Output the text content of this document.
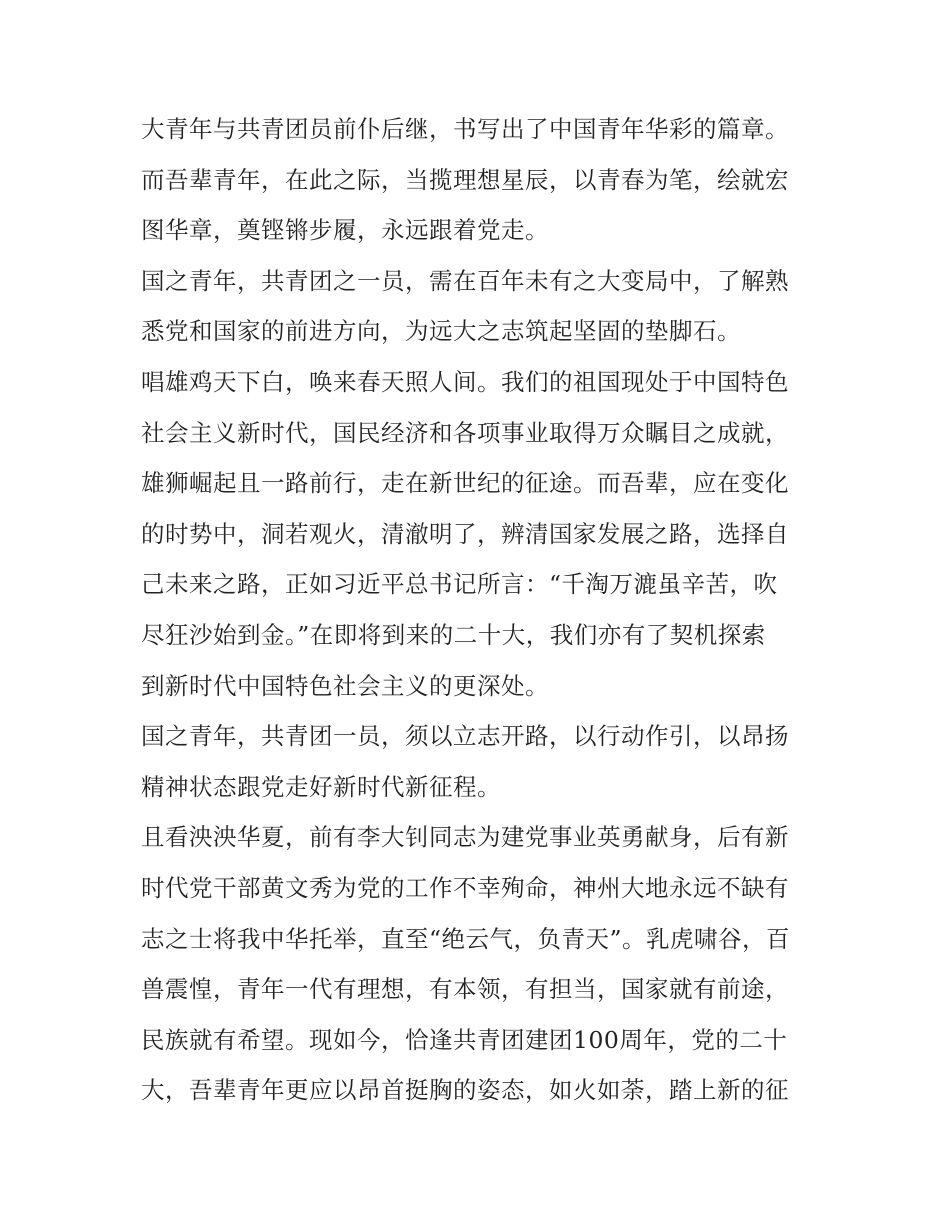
大青年与共青团员前仆后继，书写出了中国青年华彩的篇章。
而吾辈青年，在此之际，当揽理想星辰，以青春为笔，绘就宏
图华章，奠铿锵步履，永远跟着党走。
国之青年，共青团之一员，需在百年未有之大变局中，了解熟
悉党和国家的前进方向，为远大之志筑起坚固的垫脚石。
唱雄鸡天下白，唤来春天照人间。我们的祖国现处于中国特色
社会主义新时代，国民经济和各项事业取得万众瞩目之成就，
雄狮崛起且一路前行，走在新世纪的征途。而吾辈，应在变化
的时势中，洞若观火，清澈明了，辨清国家发展之路，选择自
己未来之路，正如习近平总书记所言：“千淘万漉虽辛苦，吹
尽狂沙始到金。”在即将到来的二十大，我们亦有了契机探索
到新时代中国特色社会主义的更深处。
国之青年，共青团一员，须以立志开路，以行动作引，以昂扬
精神状态跟党走好新时代新征程。
且看泱泱华夏，前有李大钊同志为建党事业英勇献身，后有新
时代党干部黄文秀为党的工作不幸殉命，神州大地永远不缺有
志之士将我中华托举，直至“绝云气，负青天”。乳虎啸谷，百
兽震惶，青年一代有理想，有本领，有担当，国家就有前途，
民族就有希望。现如今，恰逢共青团建团100周年，党的二十
大，吾辈青年更应以昂首挺胸的姿态，如火如荼，踏上新的征
